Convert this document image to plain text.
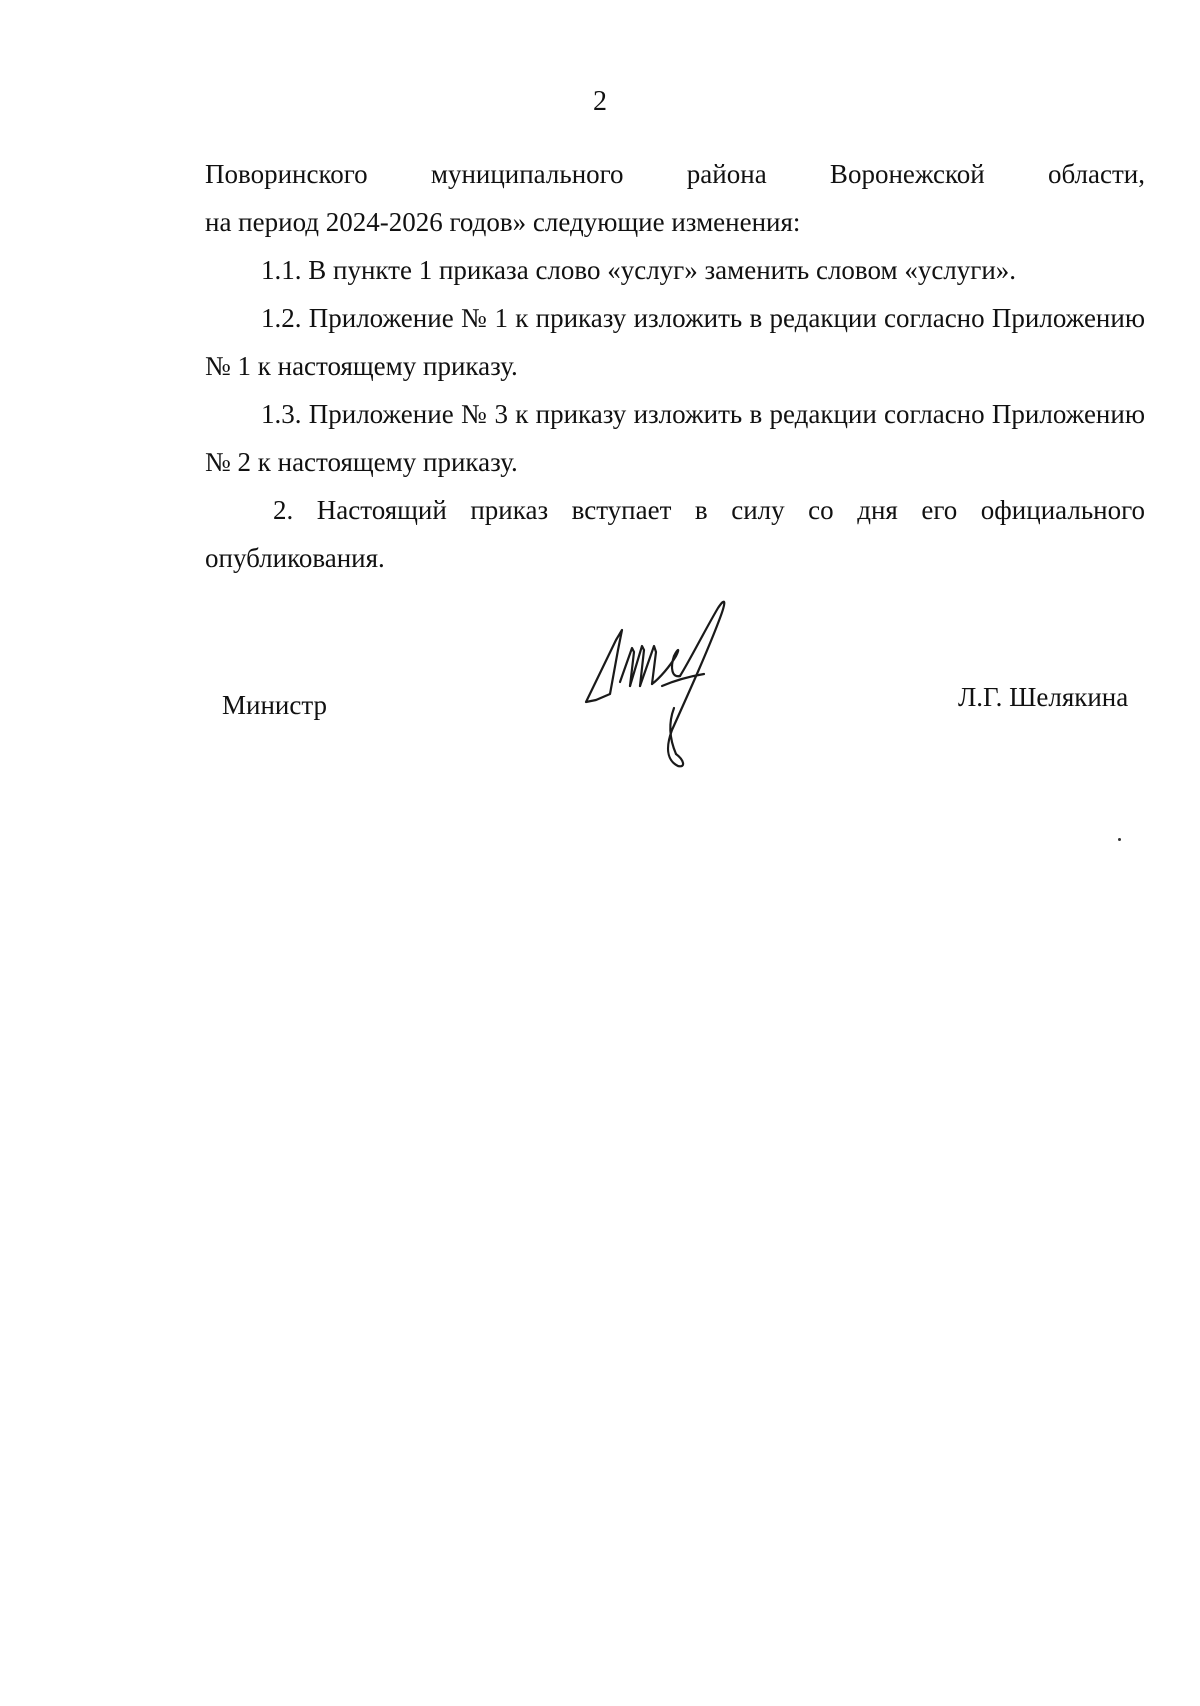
2
Поворинского муниципального района Воронежской области,

на период 2024-2026 годов» следующие изменения:

1.1. В пункте 1 приказа слово «услуг» заменить словом «услуги».

1.2. Приложение № 1 к приказу изложить в редакции согласно Приложению № 1 к настоящему приказу.

1.3. Приложение № 3 к приказу изложить в редакции согласно Приложению № 2 к настоящему приказу.

2. Настоящий приказ вступает в силу со дня его официального опубликования.

Министр	Л.Г. Шелякина
